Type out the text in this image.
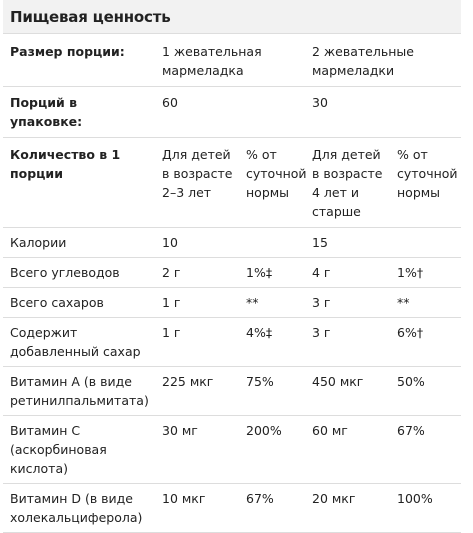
Пищевая ценность
Размер порции:	1 жевательная мармеладка		2 жевательные мармеладки	
Порций в упаковке:	60		30	
Количество в 1 порции	Для детей в возрасте 2–3 лет	% от суточной нормы	Для детей в возрасте 4 лет и старше	% от суточной нормы
Калории	10		15	
Всего углеводов	2 г	1%‡	4 г	1%†
Всего сахаров	1 г	**	3 г	**
Содержит добавленный сахар	1 г	4%‡	3 г	6%†
Витамин A (в виде ретинилпальмитата)	225 мкг	75%	450 мкг	50%
Витамин C (аскорбиновая кислота)	30 мг	200%	60 мг	67%
Витамин D (в виде холекальциферола)	10 мкг	67%	20 мкг	100%
